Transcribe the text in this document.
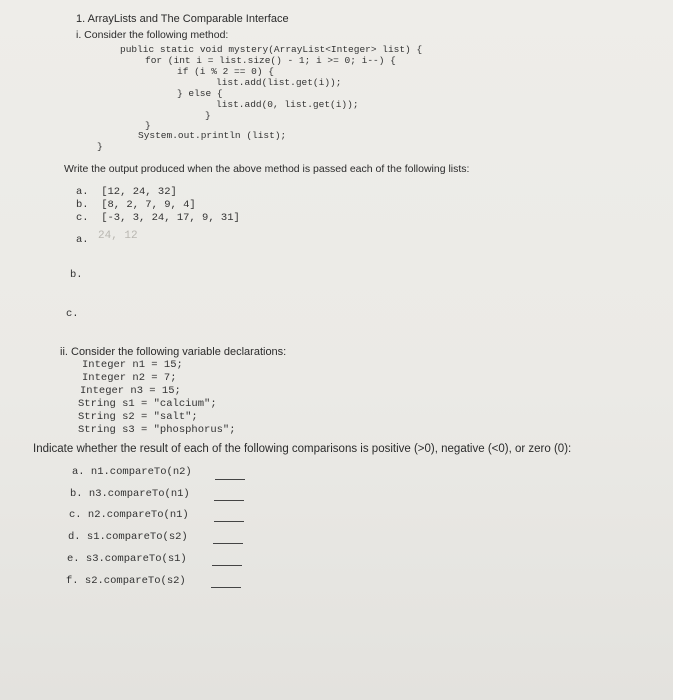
1. ArrayLists and The Comparable Interface
i. Consider the following method:
public static void mystery(ArrayList<Integer> list) {
for (int i = list.size() - 1; i >= 0; i--) {
if (i % 2 == 0) {
list.add(list.get(i));
} else {
list.add(0, list.get(i));
}
}
System.out.println (list);
}
Write the output produced when the above method is passed each of the following lists:
a.  [12, 24, 32]
b.  [8, 2, 7, 9, 4]
c.  [-3, 3, 24, 17, 9, 31]
a. 24, 12
b.
c.
ii. Consider the following variable declarations:
Integer n1 = 15;
Integer n2 = 7;
Integer n3 = 15;
String s1 = "calcium";
String s2 = "salt";
String s3 = "phosphorus";
Indicate whether the result of each of the following comparisons is positive (>0), negative (<0), or zero (0):
a. n1.compareTo(n2)
b. n3.compareTo(n1)
c. n2.compareTo(n1)
d. s1.compareTo(s2)
e. s3.compareTo(s1)
f. s2.compareTo(s2)
